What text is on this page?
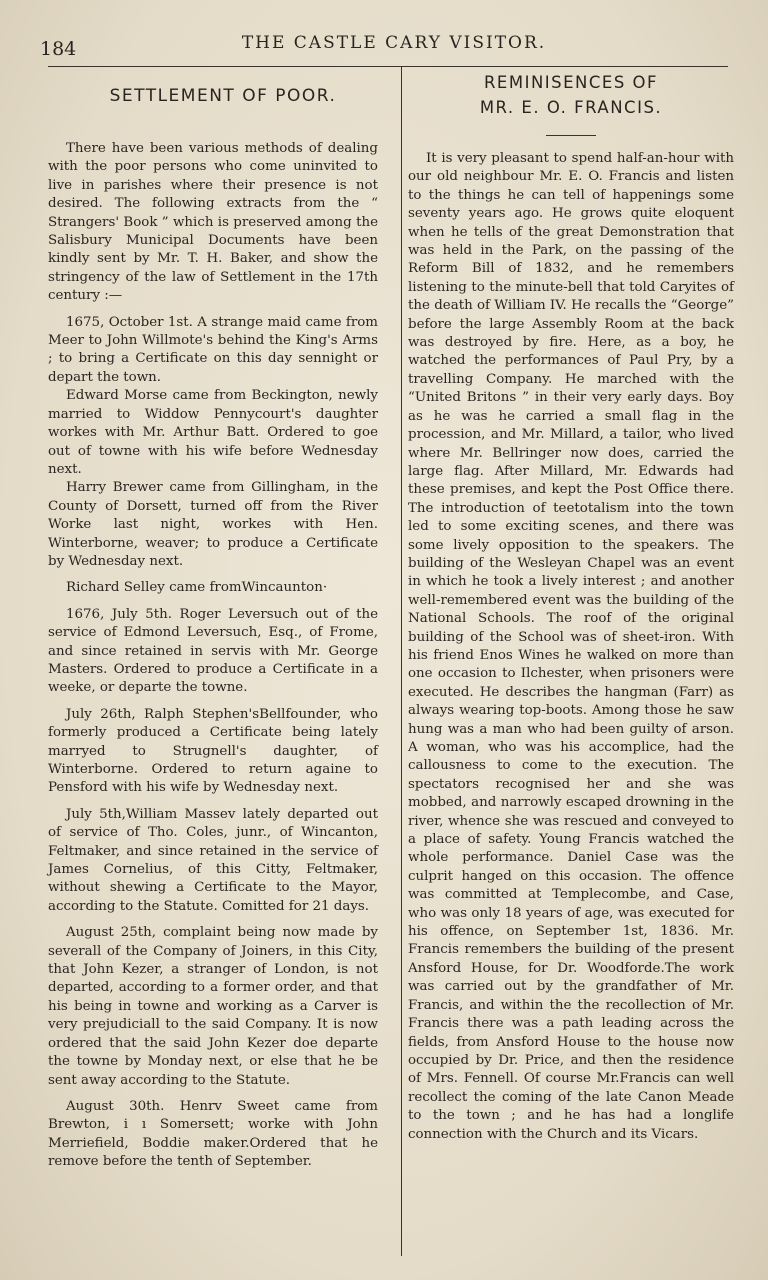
184	THE CASTLE CARY VISITOR.
SETTLEMENT OF POOR.

There have been various methods of dealing with the poor persons who come uninvited to live in parishes where their presence is not desired. The following extracts from the “ Strangers' Book ” which is preserved among the Salisbury Municipal Documents have been kindly sent by Mr. T. H. Baker, and show the stringency of the law of Settlement in the 17th century :—

1675, October 1st. A strange maid came from Meer to John Willmote's behind the King's Arms ; to bring a Certificate on this day sennight or depart the town.

Edward Morse came from Beckington, newly married to Widdow Pennycourt's daughter workes with Mr. Arthur Batt. Ordered to goe out of towne with his wife before Wednesday next.

Harry Brewer came from Gillingham, in the County of Dorsett, turned off from the River Worke last night, workes with Hen. Winterborne, weaver; to produce a Certificate by Wednesday next.

Richard Selley came fromWincaunton·

1676, July 5th. Roger Leversuch out of the service of Edmond Leversuch, Esq., of Frome, and since retained in servis with Mr. George Masters. Ordered to produce a Certificate in a weeke, or departe the towne.

July 26th, Ralph Stephen'sBellfounder, who formerly produced a Certificate being lately marryed to Strugnell's daughter, of Winterborne. Ordered to return againe to Pensford with his wife by Wednesday next.

July 5th,William Massev lately departed out of service of Tho. Coles, junr., of Wincanton, Feltmaker, and since retained in the service of James Cornelius, of this Citty, Feltmaker, without shewing a Certificate to the Mayor, according to the Statute. Comitted for 21 days.

August 25th, complaint being now made by severall of the Company of Joiners, in this City, that John Kezer, a stranger of London, is not departed, according to a former order, and that his being in towne and working as a Carver is very prejudiciall to the said Company. It is now ordered that the said John Kezer doe departe the towne by Monday next, or else that he be sent away according to the Statute.

August 30th. Henrv Sweet came from Brewton, i ı Somersett; worke with John Merriefield, Boddie maker.Ordered that he remove before the tenth of September.

REMINISENCES OF
MR. E. O. FRANCIS.

It is very pleasant to spend half-an-hour with our old neighbour Mr. E. O. Francis and listen to the things he can tell of happenings some seventy years ago. He grows quite eloquent when he tells of the great Demonstration that was held in the Park, on the passing of the Reform Bill of 1832, and he remembers listening to the minute-bell that told Caryites of the death of William IV. He recalls the “George” before the large Assembly Room at the back was destroyed by fire. Here, as a boy, he watched the performances of Paul Pry, by a travelling Company. He marched with the “United Britons ” in their very early days. Boy as he was he carried a small flag in the procession, and Mr. Millard, a tailor, who lived where Mr. Bellringer now does, carried the large flag. After Millard, Mr. Edwards had these premises, and kept the Post Office there. The introduction of teetotalism into the town led to some exciting scenes, and there was some lively opposition to the speakers. The building of the Wesleyan Chapel was an event in which he took a lively interest ; and another well-remembered event was the building of the National Schools. The roof of the original building of the School was of sheet-iron. With his friend Enos Wines he walked on more than one occasion to Ilchester, when prisoners were executed. He describes the hangman (Farr) as always wearing top-boots. Among those he saw hung was a man who had been guilty of arson. A woman, who was his accomplice, had the callousness to come to the execution. The spectators recognised her and she was mobbed, and narrowly escaped drowning in the river, whence she was rescued and conveyed to a place of safety. Young Francis watched the whole performance. Daniel Case was the culprit hanged on this occasion. The offence was committed at Templecombe, and Case, who was only 18 years of age, was executed for his offence, on September 1st, 1836. Mr. Francis remembers the building of the present Ansford House, for Dr. Woodforde.The work was carried out by the grandfather of Mr. Francis, and within the the recollection of Mr. Francis there was a path leading across the fields, from Ansford House to the house now occupied by Dr. Price, and then the residence of Mrs. Fennell. Of course Mr.Francis can well recollect the coming of the late Canon Meade to the town ; and he has had a longlife connection with the Church and its Vicars.
